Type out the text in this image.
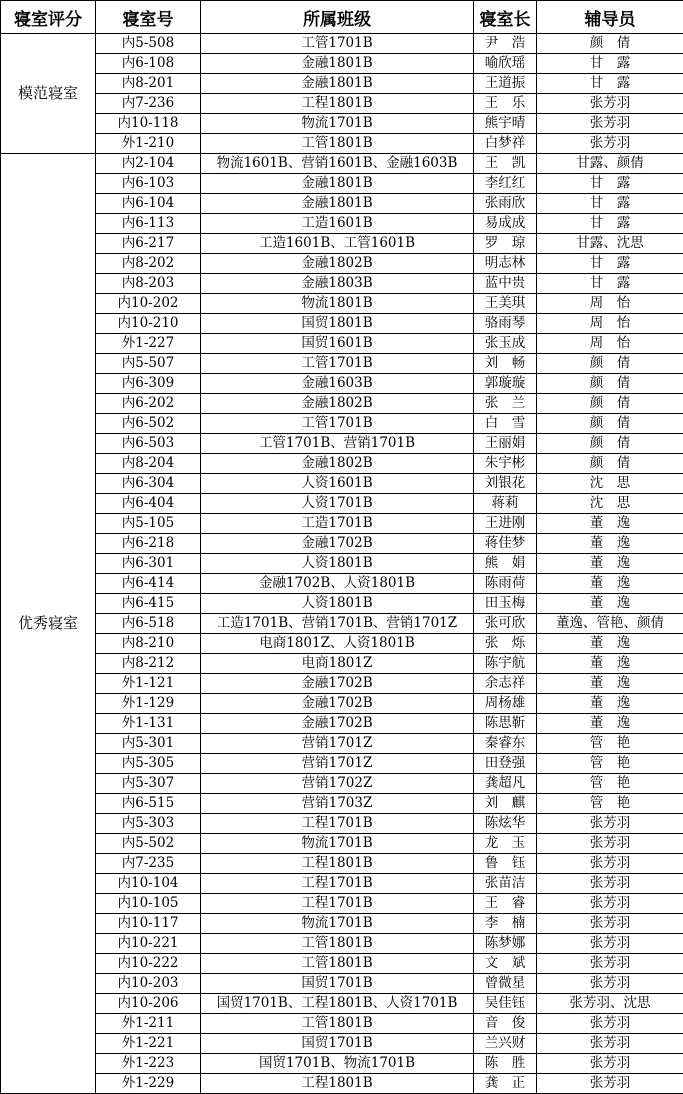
寝室评分	寝室号	所属班级	寝室长	辅导员
模范寝室	内5-508	工管1701B	尹　浩	颜　倩
	内6-108	金融1801B	喻欣瑶	甘　露
	内8-201	金融1801B	王道振	甘　露
	内7-236	工程1801B	王　乐	张芳羽
	内10-118	物流1701B	熊宇晴	张芳羽
	外1-210	工管1801B	白梦祥	张芳羽
优秀寝室	内2-104	物流1601B、营销1601B、金融1603B	王　凯	甘露、颜倩
	内6-103	金融1801B	李红红	甘　露
	内6-104	金融1801B	张雨欣	甘　露
	内6-113	工造1601B	易成成	甘　露
	内6-217	工造1601B、工管1601B	罗　琼	甘露、沈思
	内8-202	金融1802B	明志林	甘　露
	内8-203	金融1803B	蓝中贵	甘　露
	内10-202	物流1801B	王美琪	周　怡
	内10-210	国贸1801B	骆雨琴	周　怡
	外1-227	国贸1601B	张玉成	周　怡
	内5-507	工管1701B	刘　畅	颜　倩
	内6-309	金融1603B	郭璇璇	颜　倩
	内6-202	金融1802B	张　兰	颜　倩
	内6-502	工管1701B	白　雪	颜　倩
	内6-503	工管1701B、营销1701B	王丽娟	颜　倩
	内8-204	金融1802B	朱宇彬	颜　倩
	内6-304	人资1601B	刘银花	沈　思
	内6-404	人资1701B	蒋莉	沈　思
	内5-105	工造1701B	王进刚	董　逸
	内6-218	金融1702B	蒋佳梦	董　逸
	内6-301	人资1801B	熊　娟	董　逸
	内6-414	金融1702B、人资1801B	陈雨荷	董　逸
	内6-415	人资1801B	田玉梅	董　逸
	内6-518	工造1701B、营销1701B、营销1701Z	张可欣	董逸、管艳、颜倩
	内8-210	电商1801Z、人资1801B	张　烁	董　逸
	内8-212	电商1801Z	陈宇航	董　逸
	外1-121	金融1702B	余志祥	董　逸
	外1-129	金融1702B	周杨雄	董　逸
	外1-131	金融1702B	陈思靳	董　逸
	内5-301	营销1701Z	秦睿东	管　艳
	内5-305	营销1701Z	田登强	管　艳
	内5-307	营销1702Z	龚超凡	管　艳
	内6-515	营销1703Z	刘　麒	管　艳
	内5-303	工程1701B	陈炫华	张芳羽
	内5-502	物流1701B	龙　玉	张芳羽
	内7-235	工程1801B	鲁　钰	张芳羽
	内10-104	工程1701B	张苗洁	张芳羽
	内10-105	工程1701B	王　睿	张芳羽
	内10-117	物流1701B	李　楠	张芳羽
	内10-221	工管1801B	陈梦娜	张芳羽
	内10-222	工管1801B	文　斌	张芳羽
	内10-203	国贸1701B	曾微星	张芳羽
	内10-206	国贸1701B、工程1801B、人资1701B	吴佳钰	张芳羽、沈思
	外1-211	工管1801B	音　俊	张芳羽
	外1-221	国贸1701B	兰兴财	张芳羽
	外1-223	国贸1701B、物流1701B	陈　胜	张芳羽
	外1-229	工程1801B	龚　正	张芳羽
